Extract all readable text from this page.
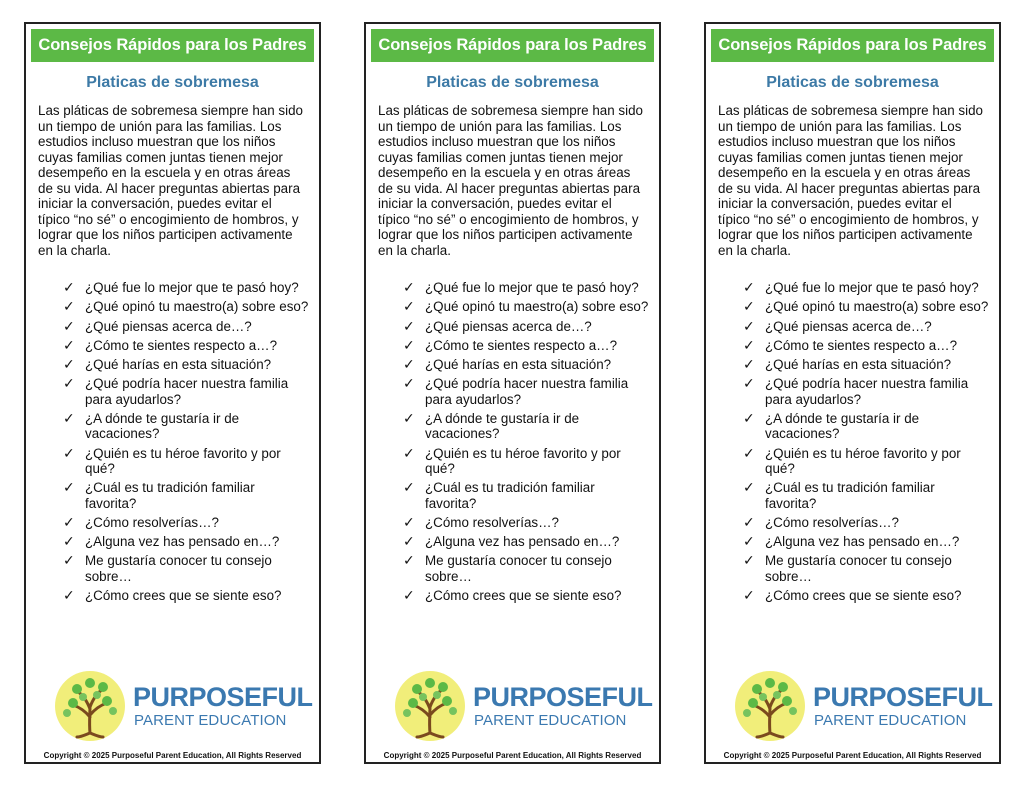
Consejos Rápidos para los Padres
Platicas de sobremesa
Las pláticas de sobremesa siempre han sido un tiempo de unión para las familias. Los estudios incluso muestran que los niños cuyas familias comen juntas tienen mejor desempeño en la escuela y en otras áreas de su vida. Al hacer preguntas abiertas para iniciar la conversación, puedes evitar el típico “no sé” o encogimiento de hombros, y lograr que los niños participen activamente en la charla.
✓ ¿Qué fue lo mejor que te pasó hoy?
✓ ¿Qué opinó tu maestro(a) sobre eso?
✓ ¿Qué piensas acerca de…?
✓ ¿Cómo te sientes respecto a…?
✓ ¿Qué harías en esta situación?
✓ ¿Qué podría hacer nuestra familia para ayudarlos?
✓ ¿A dónde te gustaría ir de vacaciones?
✓ ¿Quién es tu héroe favorito y por qué?
✓ ¿Cuál es tu tradición familiar favorita?
✓ ¿Cómo resolverías…?
✓ ¿Alguna vez has pensado en…?
✓ Me gustaría conocer tu consejo sobre…
✓ ¿Cómo crees que se siente eso?
PURPOSEFUL
PARENT EDUCATION
Copyright © 2025 Purposeful Parent Education, All Rights Reserved
Consejos Rápidos para los Padres
Platicas de sobremesa
Las pláticas de sobremesa siempre han sido un tiempo de unión para las familias. Los estudios incluso muestran que los niños cuyas familias comen juntas tienen mejor desempeño en la escuela y en otras áreas de su vida. Al hacer preguntas abiertas para iniciar la conversación, puedes evitar el típico “no sé” o encogimiento de hombros, y lograr que los niños participen activamente en la charla.
✓ ¿Qué fue lo mejor que te pasó hoy?
✓ ¿Qué opinó tu maestro(a) sobre eso?
✓ ¿Qué piensas acerca de…?
✓ ¿Cómo te sientes respecto a…?
✓ ¿Qué harías en esta situación?
✓ ¿Qué podría hacer nuestra familia para ayudarlos?
✓ ¿A dónde te gustaría ir de vacaciones?
✓ ¿Quién es tu héroe favorito y por qué?
✓ ¿Cuál es tu tradición familiar favorita?
✓ ¿Cómo resolverías…?
✓ ¿Alguna vez has pensado en…?
✓ Me gustaría conocer tu consejo sobre…
✓ ¿Cómo crees que se siente eso?
PURPOSEFUL
PARENT EDUCATION
Copyright © 2025 Purposeful Parent Education, All Rights Reserved
Consejos Rápidos para los Padres
Platicas de sobremesa
Las pláticas de sobremesa siempre han sido un tiempo de unión para las familias. Los estudios incluso muestran que los niños cuyas familias comen juntas tienen mejor desempeño en la escuela y en otras áreas de su vida. Al hacer preguntas abiertas para iniciar la conversación, puedes evitar el típico “no sé” o encogimiento de hombros, y lograr que los niños participen activamente en la charla.
✓ ¿Qué fue lo mejor que te pasó hoy?
✓ ¿Qué opinó tu maestro(a) sobre eso?
✓ ¿Qué piensas acerca de…?
✓ ¿Cómo te sientes respecto a…?
✓ ¿Qué harías en esta situación?
✓ ¿Qué podría hacer nuestra familia para ayudarlos?
✓ ¿A dónde te gustaría ir de vacaciones?
✓ ¿Quién es tu héroe favorito y por qué?
✓ ¿Cuál es tu tradición familiar favorita?
✓ ¿Cómo resolverías…?
✓ ¿Alguna vez has pensado en…?
✓ Me gustaría conocer tu consejo sobre…
✓ ¿Cómo crees que se siente eso?
PURPOSEFUL
PARENT EDUCATION
Copyright © 2025 Purposeful Parent Education, All Rights Reserved
